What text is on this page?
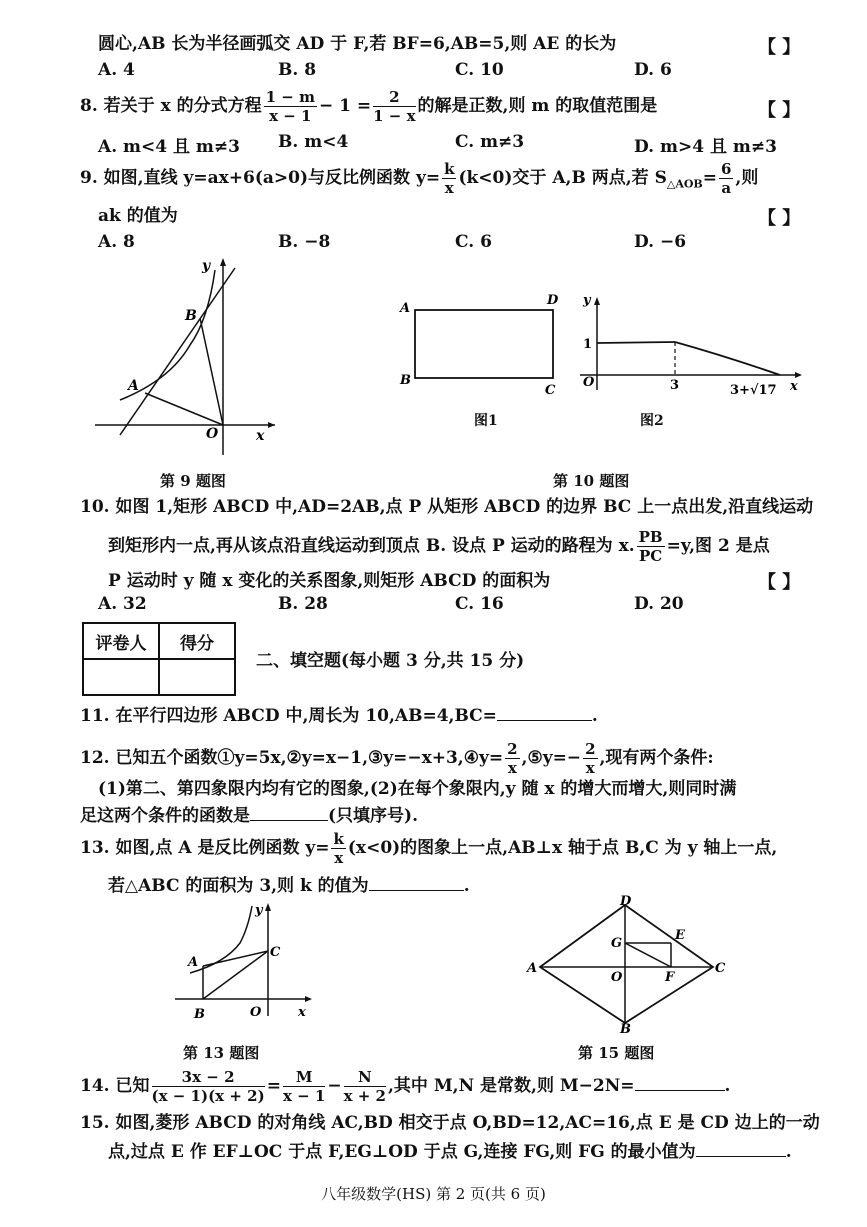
圆心,AB 长为半径画弧交 AD 于 F,若 BF=6,AB=5,则 AE 的长为	【 】
A. 4	B. 8	C. 10	D. 6
8. 若关于 x 的分式方程 $\frac{1 - m}{x - 1} - 1 = \frac{2}{1 - x}$ 的解是正数,则 m 的取值范围是	【 】
A. m<4 且 m≠3 B. m<4	C. m≠3	D. m>4 且 m≠3
9. 如图,直线 y=ax+6(a>0)与反比例函数 $y= \frac{k}{x} (k<0)$交于 A,B 两点,若 $S_{\triangle AOB}= \frac{6}{a}$ ,则
ak 的值为	【 】
A. 8	B. −8	C. 6	D. −6
y
x
O
A
B
第 9 题图
A
B
C
D
图1
y
x
O
1
3	3+√17
图2
第 10 题图
10. 如图 1,矩形 ABCD 中,AD=2AB,点 P 从矩形 ABCD 的边界 BC 上一点出发,沿直线运动
到矩形内一点,再从该点沿直线运动到顶点 B. 设点 P 运动的路程为 x. $\frac{PB}{PC} =y$,图 2 是点
P 运动时 y 随 x 变化的关系图象,则矩形 ABCD 的面积为	【 】
A. 32	B. 28	C. 16	D. 20
评卷人	得分

二、填空题(每小题 3 分,共 15 分)
11. 在平行四边形 ABCD 中,周长为 10,AB=4,BC=	.
12. 已知五个函数①y=5x,②y=x−1,③y=−x+3,④y= $\frac{2}{x}$ ,⑤y=− $\frac{2}{x}$ ,现有两个条件:
(1)第二、第四象限内均有它的图象,(2)在每个象限内,y 随 x 的增大而增大,则同时满
足这两个条件的函数是	(只填序号).
13. 如图,点 A 是反比例函数 $y= \frac{k}{x} (x<0)$的图象上一点,AB⊥x 轴于点 B,C 为 y 轴上一点,
若△ABC 的面积为 3,则 k 的值为	.
A
B
C
O	x
y
第 13 题图
A
B
C
D
E
F
G
O
第 15 题图
14. 已知 $\frac{3x - 2}{(x - 1)(x + 2)} = \frac{M}{x - 1} - \frac{N}{x + 2}$ ,其中 M,N 是常数,则 M−2N=	.
15. 如图,菱形 ABCD 的对角线 AC,BD 相交于点 O,BD=12,AC=16,点 E 是 CD 边上的一动
点,过点 E 作 EF⊥OC 于点 F,EG⊥OD 于点 G,连接 FG,则 FG 的最小值为	.
八年级数学(HS) 第 2 页(共 6 页)
